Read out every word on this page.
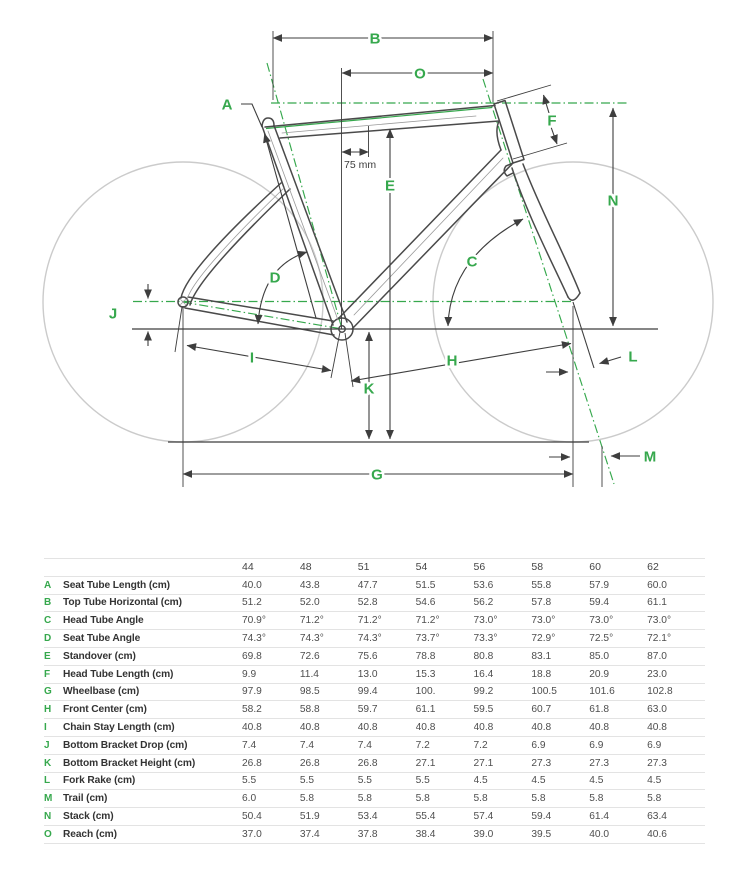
A
B
O
E
F
N
C
D
J
I	H
K
L
M
G
75 mm
		44	48	51	54	56	58	60	62
A	Seat Tube Length (cm)	40.0	43.8	47.7	51.5	53.6	55.8	57.9	60.0
B	Top Tube Horizontal (cm)	51.2	52.0	52.8	54.6	56.2	57.8	59.4	61.1
C	Head Tube Angle	70.9°	71.2°	71.2°	71.2°	73.0°	73.0°	73.0°	73.0°
D	Seat Tube Angle	74.3°	74.3°	74.3°	73.7°	73.3°	72.9°	72.5°	72.1°
E	Standover (cm)	69.8	72.6	75.6	78.8	80.8	83.1	85.0	87.0
F	Head Tube Length (cm)	9.9	11.4	13.0	15.3	16.4	18.8	20.9	23.0
G	Wheelbase (cm)	97.9	98.5	99.4	100.	99.2	100.5	101.6	102.8
H	Front Center (cm)	58.2	58.8	59.7	61.1	59.5	60.7	61.8	63.0
I	Chain Stay Length (cm)	40.8	40.8	40.8	40.8	40.8	40.8	40.8	40.8
J	Bottom Bracket Drop (cm)	7.4	7.4	7.4	7.2	7.2	6.9	6.9	6.9
K	Bottom Bracket Height (cm)	26.8	26.8	26.8	27.1	27.1	27.3	27.3	27.3
L	Fork Rake (cm)	5.5	5.5	5.5	5.5	4.5	4.5	4.5	4.5
M	Trail (cm)	6.0	5.8	5.8	5.8	5.8	5.8	5.8	5.8
N	Stack (cm)	50.4	51.9	53.4	55.4	57.4	59.4	61.4	63.4
O	Reach (cm)	37.0	37.4	37.8	38.4	39.0	39.5	40.0	40.6
